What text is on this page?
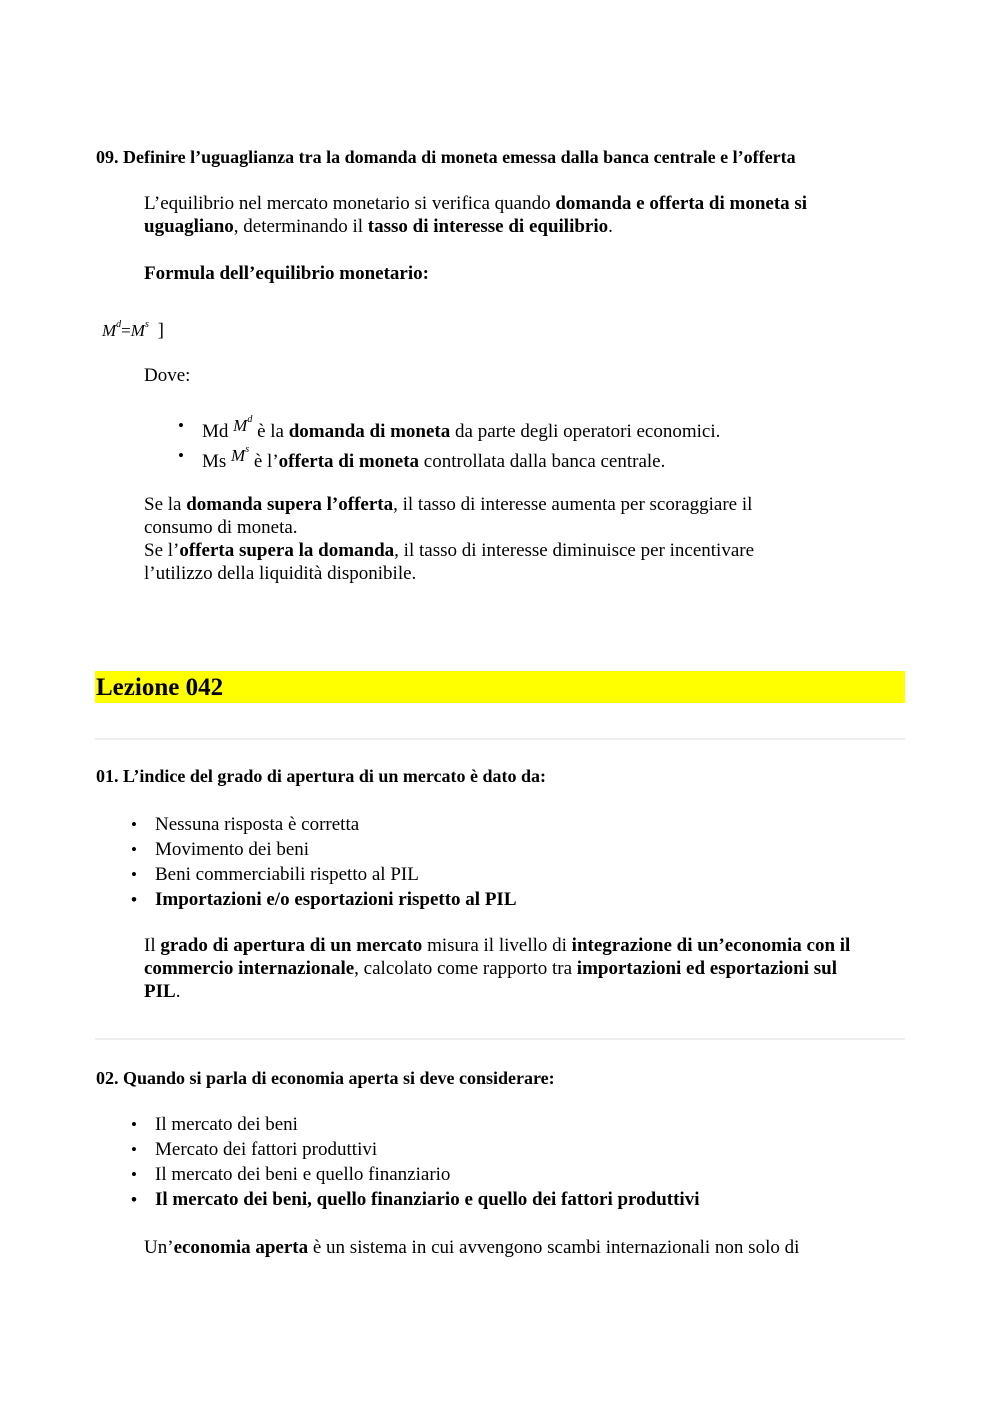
09. Definire l’uguaglianza tra la domanda di moneta emessa dalla banca centrale e l’offerta
L’equilibrio nel mercato monetario si verifica quando domanda e offerta di moneta si uguagliano, determinando il tasso di interesse di equilibrio.
Formula dell’equilibrio monetario:
$M^d=M^s$ ]
Dove:
• Md $M^d$ è la domanda di moneta da parte degli operatori economici.
• Ms $M^s$ è l’offerta di moneta controllata dalla banca centrale.
Se la domanda supera l’offerta, il tasso di interesse aumenta per scoraggiare il consumo di moneta.
Se l’offerta supera la domanda, il tasso di interesse diminuisce per incentivare l’utilizzo della liquidità disponibile.
Lezione 042
01. L’indice del grado di apertura di un mercato è dato da:
• Nessuna risposta è corretta
• Movimento dei beni
• Beni commerciabili rispetto al PIL
• Importazioni e/o esportazioni rispetto al PIL
Il grado di apertura di un mercato misura il livello di integrazione di un’economia con il commercio internazionale, calcolato come rapporto tra importazioni ed esportazioni sul PIL.
02. Quando si parla di economia aperta si deve considerare:
• Il mercato dei beni
• Mercato dei fattori produttivi
• Il mercato dei beni e quello finanziario
• Il mercato dei beni, quello finanziario e quello dei fattori produttivi
Un’economia aperta è un sistema in cui avvengono scambi internazionali non solo di
